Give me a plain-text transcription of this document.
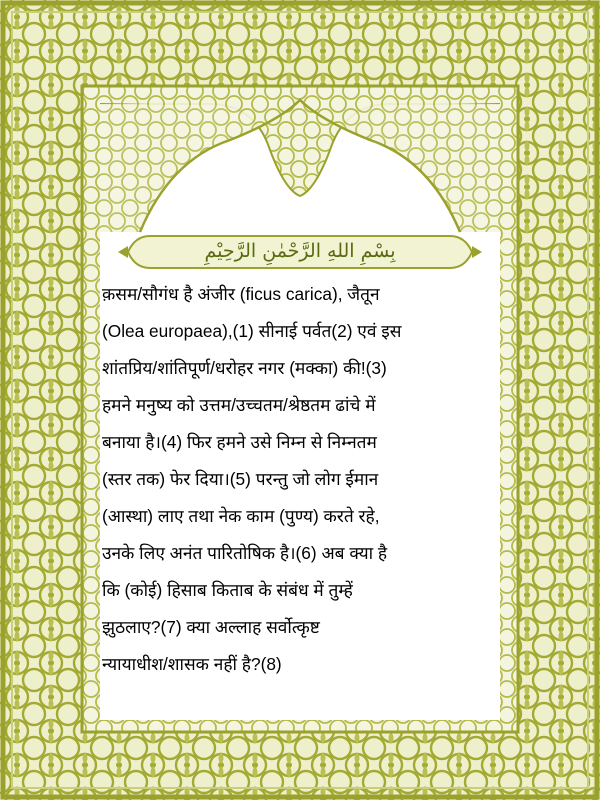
بِسْمِ اللهِ الرَّحْمٰنِ الرَّحِيْمِ
क़सम/सौगंध है अंजीर (ficus carica), जैतून
(Olea europaea),(1) सीनाई पर्वत(2) एवं इस
शांतप्रिय/शांतिपूर्ण/धरोहर नगर (मक्का) की!(3)
हमने मनुष्य को उत्तम/उच्चतम/श्रेष्ठतम ढांचे में
बनाया है।(4) फिर हमने उसे निम्न से निम्नतम
(स्तर तक) फेर दिया।(5) परन्तु जो लोग ईमान
(आस्था) लाए तथा नेक काम (पुण्य) करते रहे,
उनके लिए अनंत पारितोषिक है।(6) अब क्या है
कि (कोई) हिसाब किताब के संबंध में तुम्हें
झुठलाए?(7) क्या अल्लाह सर्वोत्कृष्ट
न्यायाधीश/शासक नहीं है?(8)
